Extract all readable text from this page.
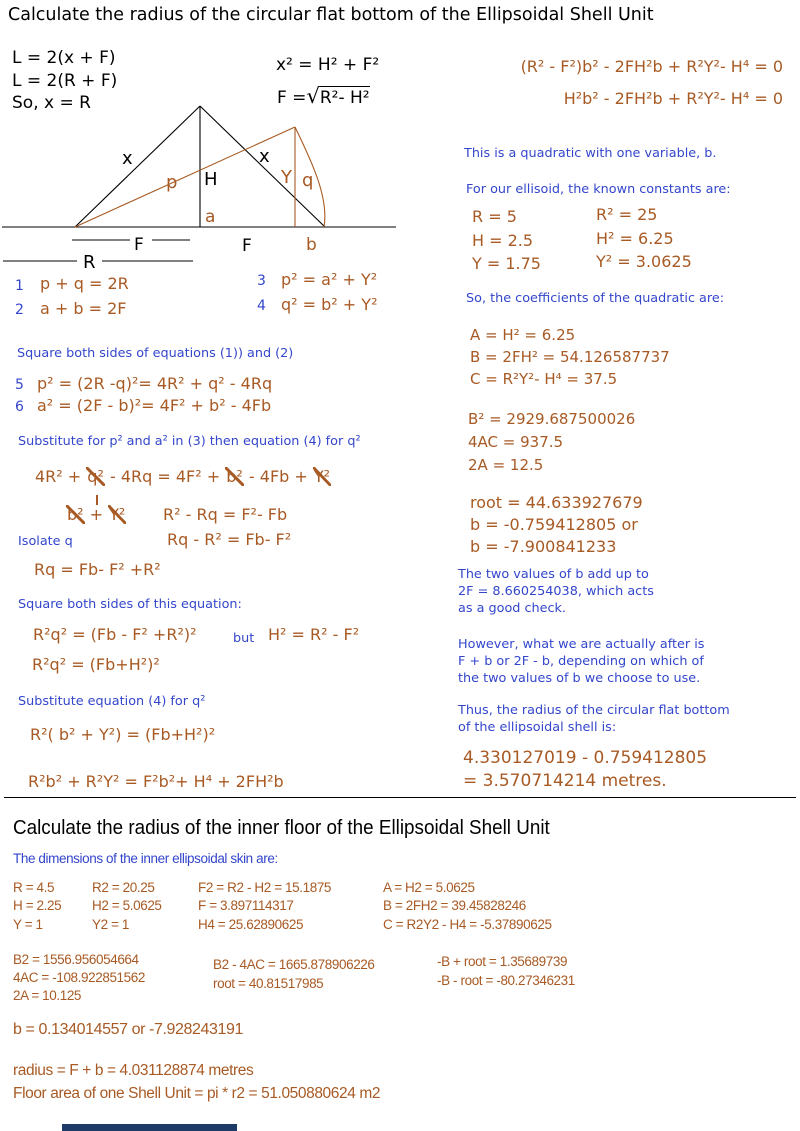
Calculate the radius of the circular flat bottom of the Ellipsoidal Shell Unit
L = 2(x + F)
L = 2(R + F)
So, x = R
x² = H² + F²
F =√R²- H²
x	x
p H	Y q
a
F	F	b
R
1 p + q = 2R
2 a + b = 2F
3 p² = a² + Y²
4 q² = b² + Y²
Square both sides of equations (1)) and (2)
5 p² = (2R -q)²= 4R² + q² - 4Rq
6 a² = (2F - b)²= 4F² + b² - 4Fb
Substitute for p² and a² in (3) then equation (4) for q²
4R² + q² - 4Rq = 4F² + b² - 4Fb + Y²
b² + Y² R² - Rq = F²- Fb
Isolate q	Rq - R² = Fb- F²
Rq = Fb- F² +R²
Square both sides of this equation:
R²q² = (Fb - F² +R²)²	but H² = R² - F²
R²q² = (Fb+H²)²
Substitute equation (4) for q²
R²( b² + Y²) = (Fb+H²)²
R²b² + R²Y² = F²b²+ H⁴ + 2FH²b
(R² - F²)b² - 2FH²b + R²Y²- H⁴ = 0
H²b² - 2FH²b + R²Y²- H⁴ = 0
This is a quadratic with one variable, b.
For our ellisoid, the known constants are:
R = 5
H = 2.5
Y = 1.75
R² = 25
H² = 6.25
Y² = 3.0625
So, the coefficients of the quadratic are:
A = H² = 6.25
B = 2FH² = 54.126587737
C = R²Y²- H⁴ = 37.5
B² = 2929.687500026
4AC = 937.5
2A = 12.5
root = 44.633927679
b = -0.759412805 or
b = -7.900841233
The two values of b add up to
2F = 8.660254038, which acts
as a good check.
However, what we are actually after is
F + b or 2F - b, depending on which of
the two values of b we choose to use.
Thus, the radius of the circular flat bottom
of the ellipsoidal shell is:
4.330127019 - 0.759412805
= 3.570714214 metres.
Calculate the radius of the inner floor of the Ellipsoidal Shell Unit
The dimensions of the inner ellipsoidal skin are:
R = 4.5	R2 = 20.25	F2 = R2 - H2 = 15.1875	A = H2 = 5.0625
H = 2.25	H2 = 5.0625	F = 3.897114317	B = 2FH2 = 39.45828246
Y = 1	Y2 = 1	H4 = 25.62890625	C = R2Y2 - H4 = -5.37890625
B2 = 1556.956054664
4AC = -108.922851562
2A = 10.125
B2 - 4AC = 1665.878906226
root = 40.81517985
-B + root = 1.35689739
-B - root = -80.27346231
b = 0.134014557 or -7.928243191
radius = F + b = 4.031128874 metres
Floor area of one Shell Unit = pi * r2 = 51.050880624 m2
